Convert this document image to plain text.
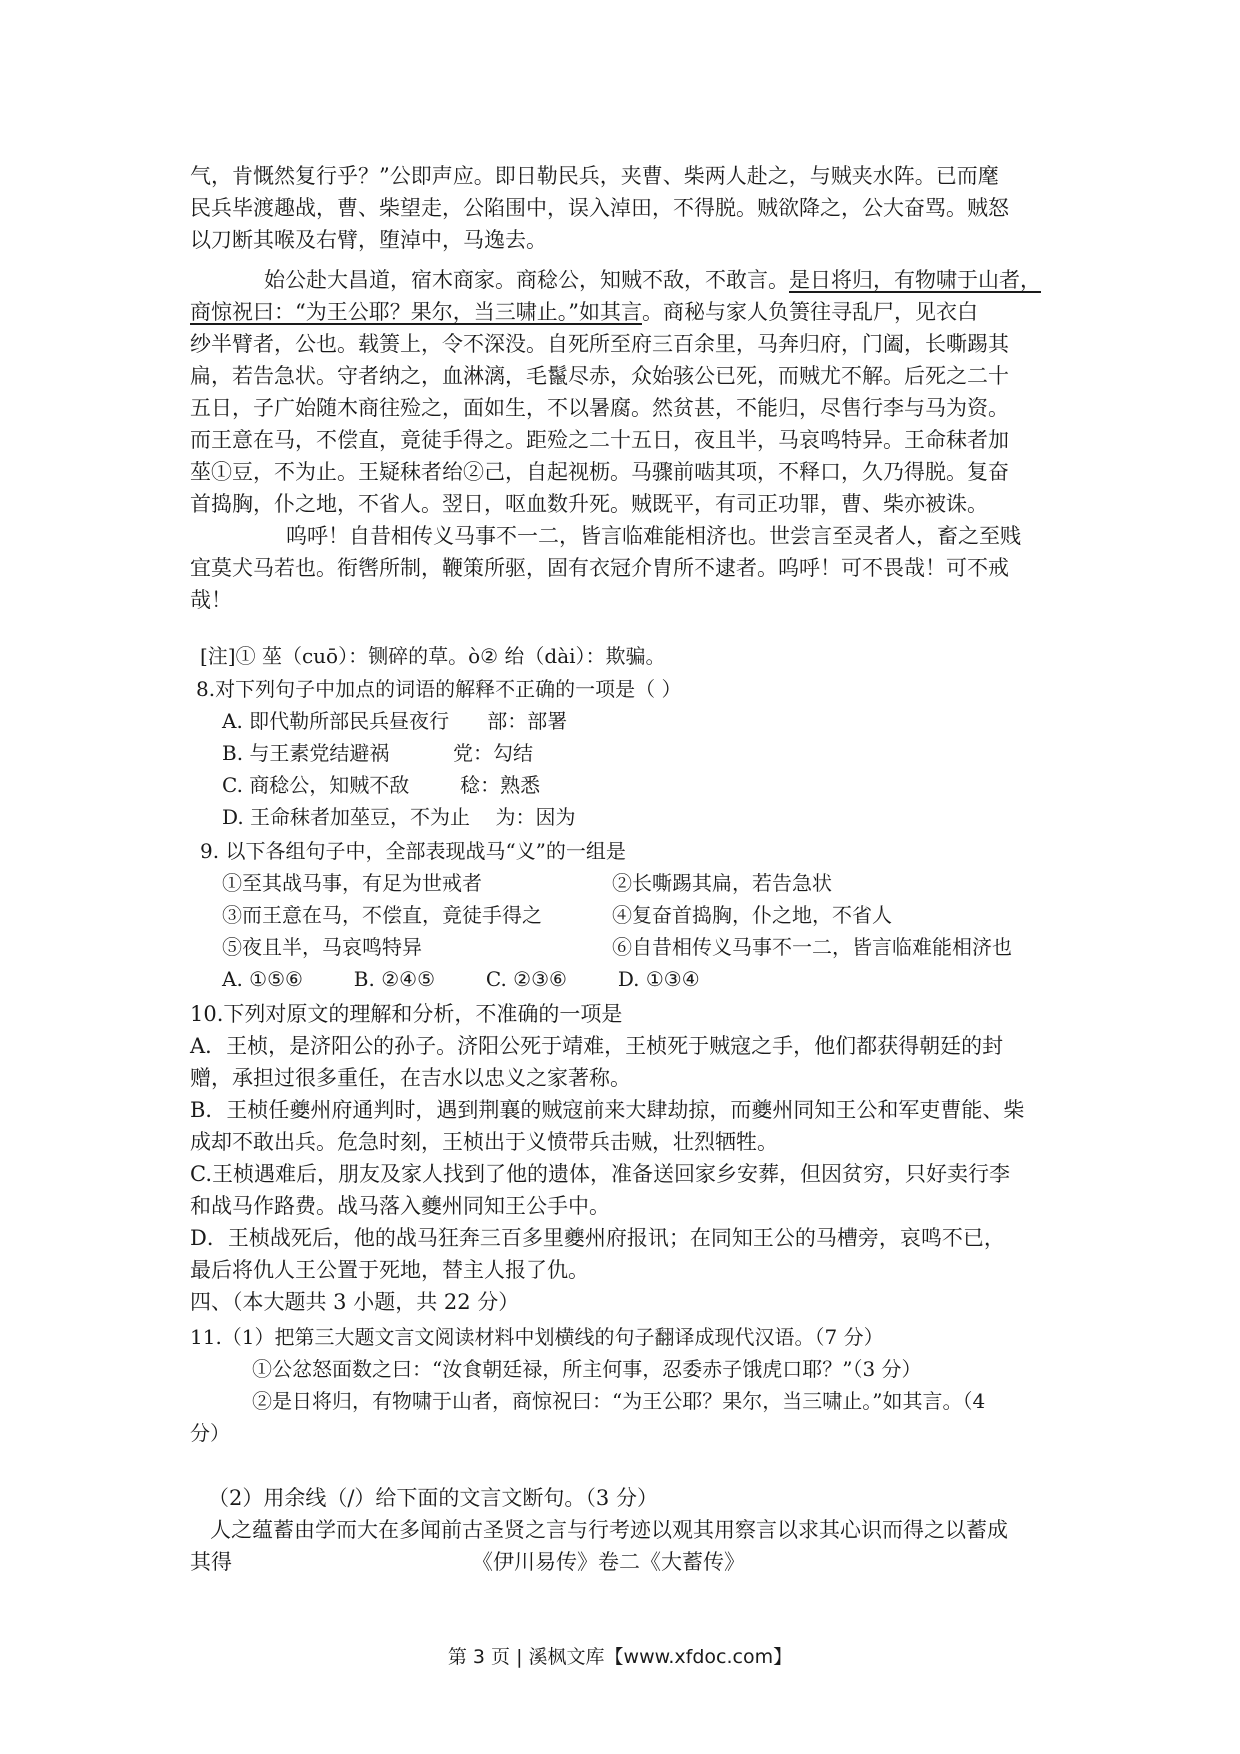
气，肯慨然复行乎？”公即声应。即日勒民兵，夹曹、柴两人赴之，与贼夹水阵。已而麾
民兵毕渡趣战，曹、柴望走，公陷围中，误入淖田，不得脱。贼欲降之，公大奋骂。贼怒
以刀断其喉及右臂，堕淖中，马逸去。
始公赴大昌道，宿木商家。商稔公，知贼不敌，不敢言。是日将归，有物啸于山者，
商惊祝曰：“为王公耶？果尔，当三啸止。”如其言。商秘与家人负箦往寻乱尸，见衣白
纱半臂者，公也。载箦上，令不深没。自死所至府三百余里，马奔归府，门阖，长嘶踢其
扁，若告急状。守者纳之，血淋漓，毛鬣尽赤，众始骇公已死，而贼尤不解。后死之二十
五日，子广始随木商往殓之，面如生，不以暑腐。然贫甚，不能归，尽售行李与马为资。
而王意在马，不偿直，竟徒手得之。距殓之二十五日，夜且半，马哀鸣特异。王命秣者加
莝①豆，不为止。王疑秣者绐②己，自起视枥。马骤前啮其项，不释口，久乃得脱。复奋
首捣胸，仆之地，不省人。翌日，呕血数升死。贼既平，有司正功罪，曹、柴亦被诛。
呜呼！自昔相传义马事不一二，皆言临难能相济也。世尝言至灵者人，畜之至贱
宜莫犬马若也。衔辔所制，鞭策所驱，固有衣冠介胄所不逮者。呜呼！可不畏哉！可不戒
哉！
[注]① 莝（cuō）：铡碎的草。ò② 绐（dài）：欺骗。
8.对下列句子中加点的词语的解释不正确的一项是（ ）
A. 即代勒所部民兵昼夜行      部：部署
B. 与王素党结避祸          党：勾结
C. 商稔公，知贼不敌        稔：熟悉
D. 王命秣者加莝豆，不为止    为：因为
9. 以下各组句子中，全部表现战马“义”的一组是
①至其战马事，有足为世戒者	②长嘶踢其扁，若告急状
③而王意在马，不偿直，竟徒手得之	④复奋首捣胸，仆之地，不省人
⑤夜且半，马哀鸣特异	⑥自昔相传义马事不一二，皆言临难能相济也
A. ①⑤⑥        B. ②④⑤        C. ②③⑥        D. ①③④
10.下列对原文的理解和分析，不准确的一项是
A．王桢，是济阳公的孙子。济阳公死于靖难，王桢死于贼寇之手，他们都获得朝廷的封
赠，承担过很多重任，在吉水以忠义之家著称。
B．王桢任夔州府通判时，遇到荆襄的贼寇前来大肆劫掠，而夔州同知王公和军吏曹能、柴
成却不敢出兵。危急时刻，王桢出于义愤带兵击贼，壮烈牺牲。
C.王桢遇难后，朋友及家人找到了他的遗体，准备送回家乡安葬，但因贫穷，只好卖行李
和战马作路费。战马落入夔州同知王公手中。
D．王桢战死后，他的战马狂奔三百多里夔州府报讯；在同知王公的马槽旁，哀鸣不已，
最后将仇人王公置于死地，替主人报了仇。
四、（本大题共 3 小题，共 22 分）
11.（1）把第三大题文言文阅读材料中划横线的句子翻译成现代汉语。（7 分）
①公忿怒面数之曰：“汝食朝廷禄，所主何事，忍委赤子饿虎口耶？”（3 分）
②是日将归，有物啸于山者，商惊祝曰：“为王公耶？果尔，当三啸止。”如其言。（4
分）
（2）用余线（/）给下面的文言文断句。（3 分）
人之蕴蓄由学而大在多闻前古圣贤之言与行考迹以观其用察言以求其心识而得之以蓄成
其得	《伊川易传》卷二《大蓄传》
第 3 页 | 溪枫文库【www.xfdoc.com】
